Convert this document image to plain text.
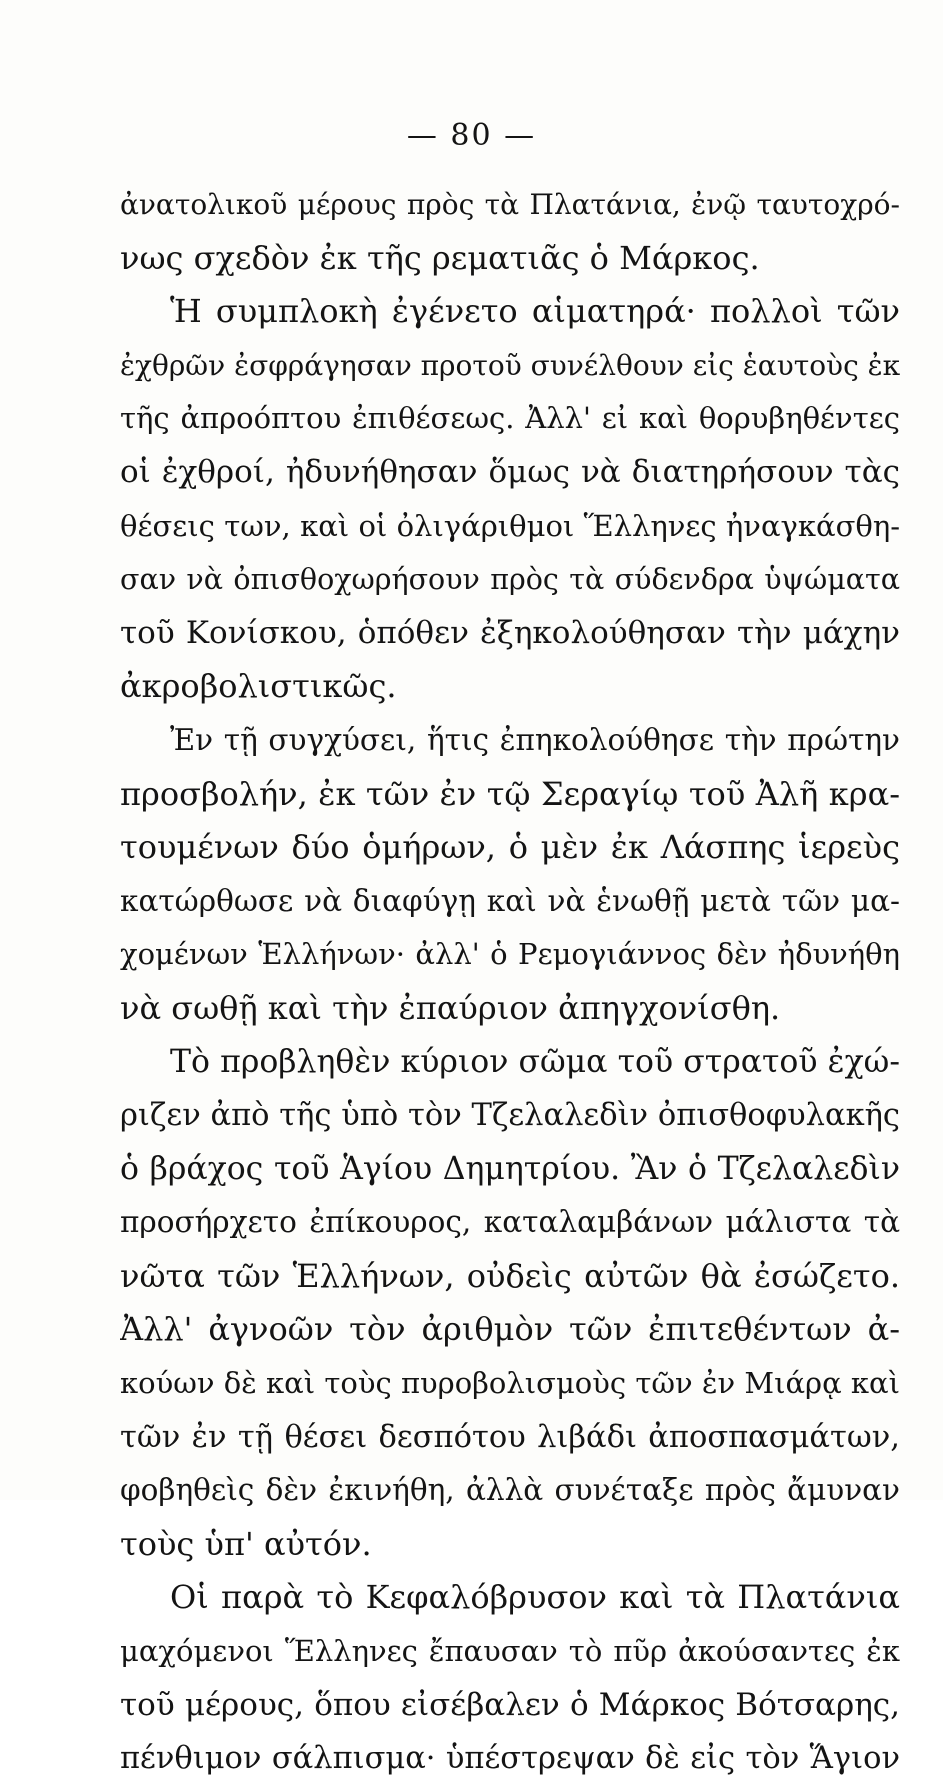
— 80 —
ἀνατολικοῦ μέρους πρὸς τὰ Πλατάνια, ἐνῷ ταυτοχρό-
νως σχεδὸν ἐκ τῆς ρεματιᾶς ὁ Μάρκος.
Ἡ συμπλοκὴ ἐγένετο αἱματηρά· πολλοὶ τῶν
ἐχθρῶν ἐσφράγησαν προτοῦ συνέλθουν εἰς ἑαυτοὺς ἐκ
τῆς ἀπροόπτου ἐπιθέσεως. Ἀλλ' εἰ καὶ θορυβηθέντες
οἱ ἐχθροί, ἠδυνήθησαν ὅμως νὰ διατηρήσουν τὰς
θέσεις των, καὶ οἱ ὀλιγάριθμοι Ἕλληνες ἠναγκάσθη-
σαν νὰ ὀπισθοχωρήσουν πρὸς τὰ σύδενδρα ὑψώματα
τοῦ Κονίσκου, ὁπόθεν ἐξηκολούθησαν τὴν μάχην
ἀκροβολιστικῶς.
Ἐν τῇ συγχύσει, ἥτις ἐπηκολούθησε τὴν πρώτην
προσβολήν, ἐκ τῶν ἐν τῷ Σεραγίῳ τοῦ Ἀλῆ κρα-
τουμένων δύο ὁμήρων, ὁ μὲν ἐκ Λάσπης ἱερεὺς
κατώρθωσε νὰ διαφύγῃ καὶ νὰ ἑνωθῇ μετὰ τῶν μα-
χομένων Ἑλλήνων· ἀλλ' ὁ Ρεμογιάννος δὲν ἠδυνήθη
νὰ σωθῇ καὶ τὴν ἐπαύριον ἀπηγχονίσθη.
Τὸ προβληθὲν κύριον σῶμα τοῦ στρατοῦ ἐχώ-
ριζεν ἀπὸ τῆς ὑπὸ τὸν Τζελαλεδὶν ὀπισθοφυλακῆς
ὁ βράχος τοῦ Ἁγίου Δημητρίου. Ἂν ὁ Τζελαλεδὶν
προσήρχετο ἐπίκουρος, καταλαμβάνων μάλιστα τὰ
νῶτα τῶν Ἑλλήνων, οὐδεὶς αὐτῶν θὰ ἐσώζετο.
Ἀλλ' ἀγνοῶν τὸν ἀριθμὸν τῶν ἐπιτεθέντων ἀ-
κούων δὲ καὶ τοὺς πυροβολισμοὺς τῶν ἐν Μιάρᾳ καὶ
τῶν ἐν τῇ θέσει δεσπότου λιβάδι ἀποσπασμάτων,
φοβηθεὶς δὲν ἐκινήθη, ἀλλὰ συνέταξε πρὸς ἄμυναν
τοὺς ὑπ' αὐτόν.
Οἱ παρὰ τὸ Κεφαλόβρυσον καὶ τὰ Πλατάνια
μαχόμενοι Ἕλληνες ἔπαυσαν τὸ πῦρ ἀκούσαντες ἐκ
τοῦ μέρους, ὅπου εἰσέβαλεν ὁ Μάρκος Βότσαρης,
πένθιμον σάλπισμα· ὑπέστρεψαν δὲ εἰς τὸν Ἅγιον
